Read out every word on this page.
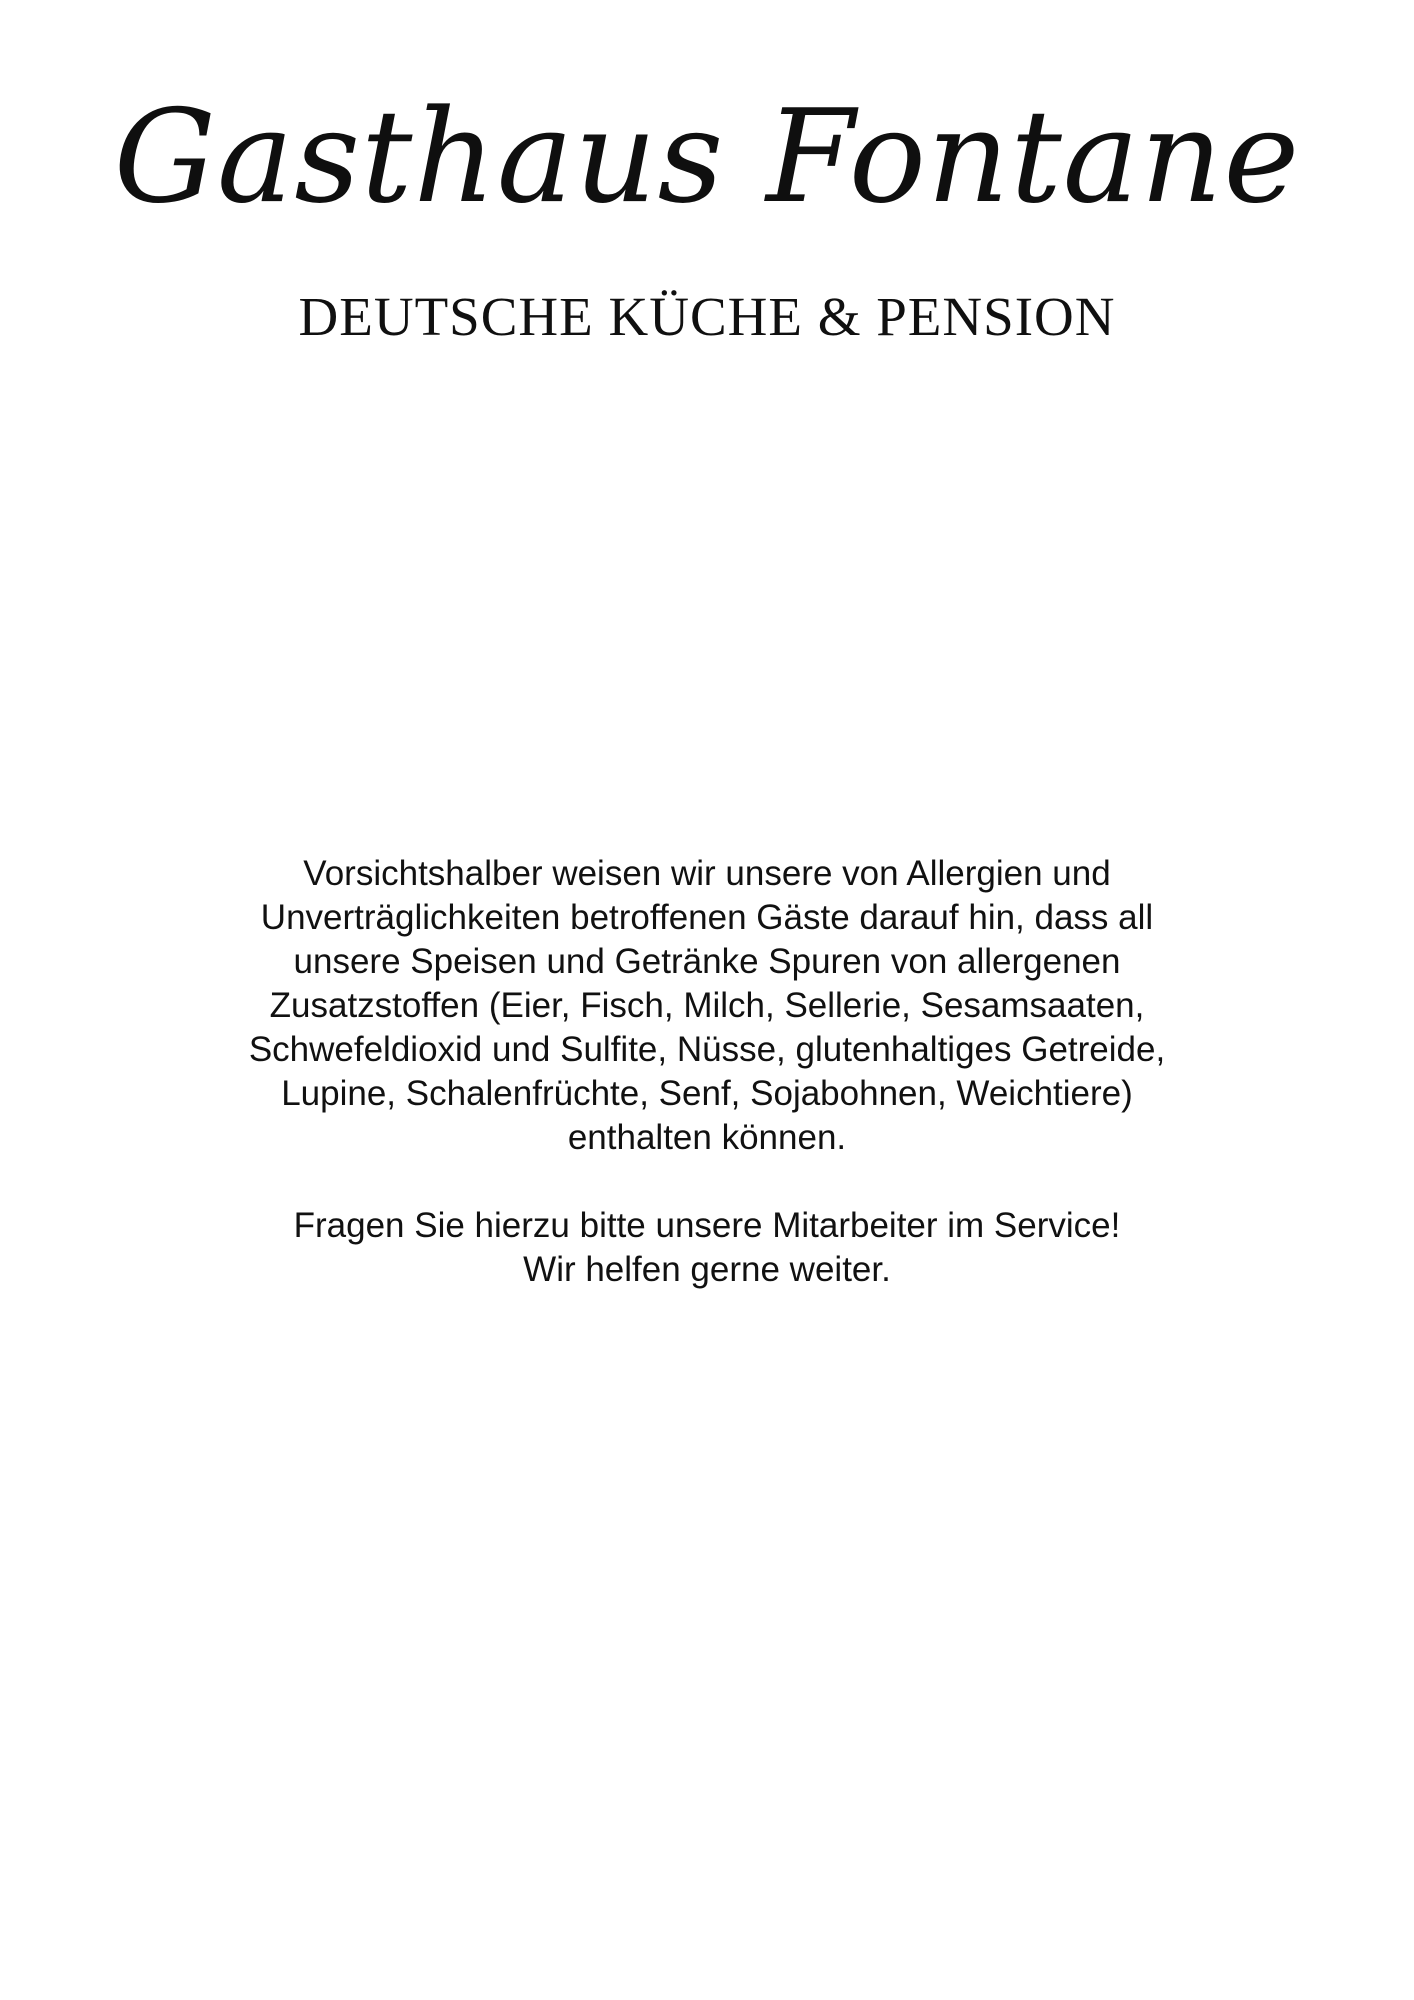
Gasthaus Fontane
DEUTSCHE KÜCHE & PENSION

Vorsichtshalber weisen wir unsere von Allergien und
Unverträglichkeiten betroffenen Gäste darauf hin, dass all
unsere Speisen und Getränke Spuren von allergenen
Zusatzstoffen (Eier, Fisch, Milch, Sellerie, Sesamsaaten,
Schwefeldioxid und Sulfite, Nüsse, glutenhaltiges Getreide,
Lupine, Schalenfrüchte, Senf, Sojabohnen, Weichtiere)
enthalten können.

Fragen Sie hierzu bitte unsere Mitarbeiter im Service!
Wir helfen gerne weiter.
